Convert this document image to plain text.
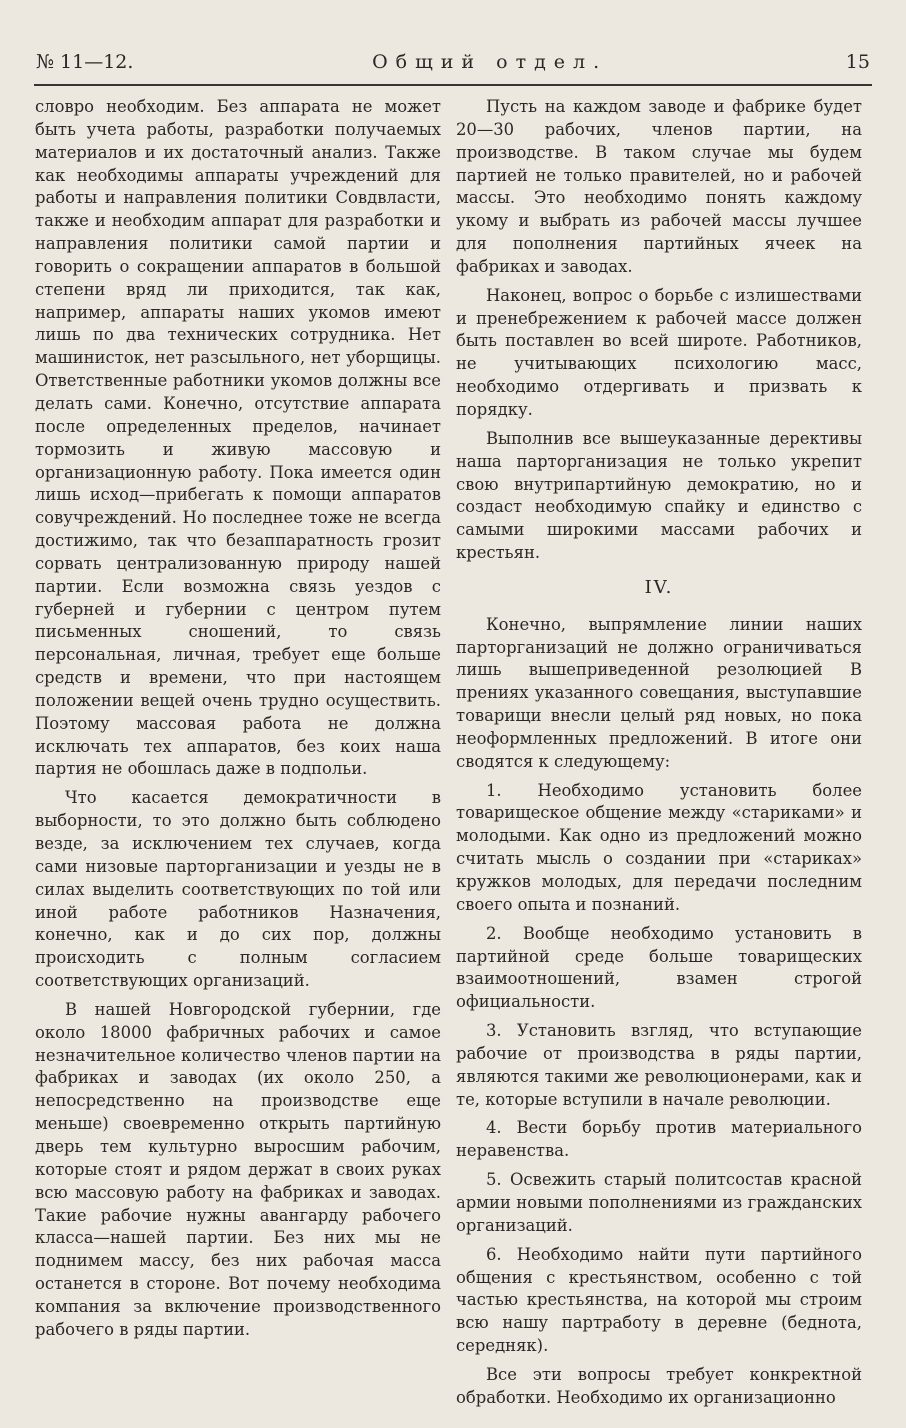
№ 11—12.	Общий отдел.	15

словро необходим. Без аппарата не может быть учета работы, разработки получаемых материалов и их достаточный анализ. Также как необходимы аппараты учреждений для работы и направления политики Совдвласти, также и необходим аппарат для разработки и направления политики самой партии и говорить о сокращении аппаратов в большой степени вряд ли приходится, так как, например, аппараты наших укомов имеют лишь по два технических сотрудника. Нет машинисток, нет разсыльного, нет уборщицы. Ответственные работники укомов должны все делать сами. Конечно, отсутствие аппарата после определенных пределов, начинает тормозить и живую массовую и организационную работу. Пока имеется один лишь исход—прибегать к помощи аппаратов совучреждений. Но последнее тоже не всегда достижимо, так что безаппаратность грозит сорвать централизованную природу нашей партии. Если возможна связь уездов с губерней и губернии с центром путем письменных сношений, то связь персональная, личная, требует еще больше средств и времени, что при настоящем положении вещей очень трудно осуществить. Поэтому массовая работа не должна исключать тех аппаратов, без коих наша партия не обошлась даже в подпольи.

Что касается демократичности в выборности, то это должно быть соблюдено везде, за исключением тех случаев, когда сами низовые парторганизации и уезды не в силах выделить соответствующих по той или иной работе работников Назначения, конечно, как и до сих пор, должны происходить с полным согласием соответствующих организаций.

В нашей Новгородской губернии, где около 18000 фабричных рабочих и самое незначительное количество членов партии на фабриках и заводах (их около 250, а непосредственно на производстве еще меньше) своевременно открыть партийную дверь тем культурно выросшим рабочим, которые стоят и рядом держат в своих руках всю массовую работу на фабриках и заводах. Такие рабочие нужны авангарду рабочего класса—нашей партии. Без них мы не поднимем массу, без них рабочая масса останется в стороне. Вот почему необходима компания за включение производственного рабочего в ряды партии.

Пусть на каждом заводе и фабрике будет 20—30 рабочих, членов партии, на производстве. В таком случае мы будем партией не только правителей, но и рабочей массы. Это необходимо понять каждому укому и выбрать из рабочей массы лучшее для пополнения партийных ячеек на фабриках и заводах.

Наконец, вопрос о борьбе с излишествами и пренебрежением к рабочей массе должен быть поставлен во всей широте. Работников, не учитывающих психологию масс, необходимо отдергивать и призвать к порядку.

Выполнив все вышеуказанные дерективы наша парторганизация не только укрепит свою внутрипартийную демократию, но и создаст необходимую спайку и единство с самыми широкими массами рабочих и крестьян.

IV.

Конечно, выпрямление линии наших парторганизаций не должно ограничиваться лишь вышеприведенной резолюцией В прениях указанного совещания, выступавшие товарищи внесли целый ряд новых, но пока неоформленных предложений. В итоге они сводятся к следующему:

1. Необходимо установить более товарищеское общение между «стариками» и молодыми. Как одно из предложений можно считать мысль о создании при «стариках» кружков молодых, для передачи последним своего опыта и познаний.

2. Вообще необходимо установить в партийной среде больше товарищеских взаимоотношений, взамен строгой официальности.

3. Установить взгляд, что вступающие рабочие от производства в ряды партии, являются такими же революционерами, как и те, которые вступили в начале революции.

4. Вести борьбу против материального неравенства.

5. Освежить старый политсостав красной армии новыми пополнениями из гражданских организаций.

6. Необходимо найти пути партийного общения с крестьянством, особенно с той частью крестьянства, на которой мы строим всю нашу партработу в деревне (беднота, середняк).

Все эти вопросы требует конкректной обработки. Необходимо их организационно
